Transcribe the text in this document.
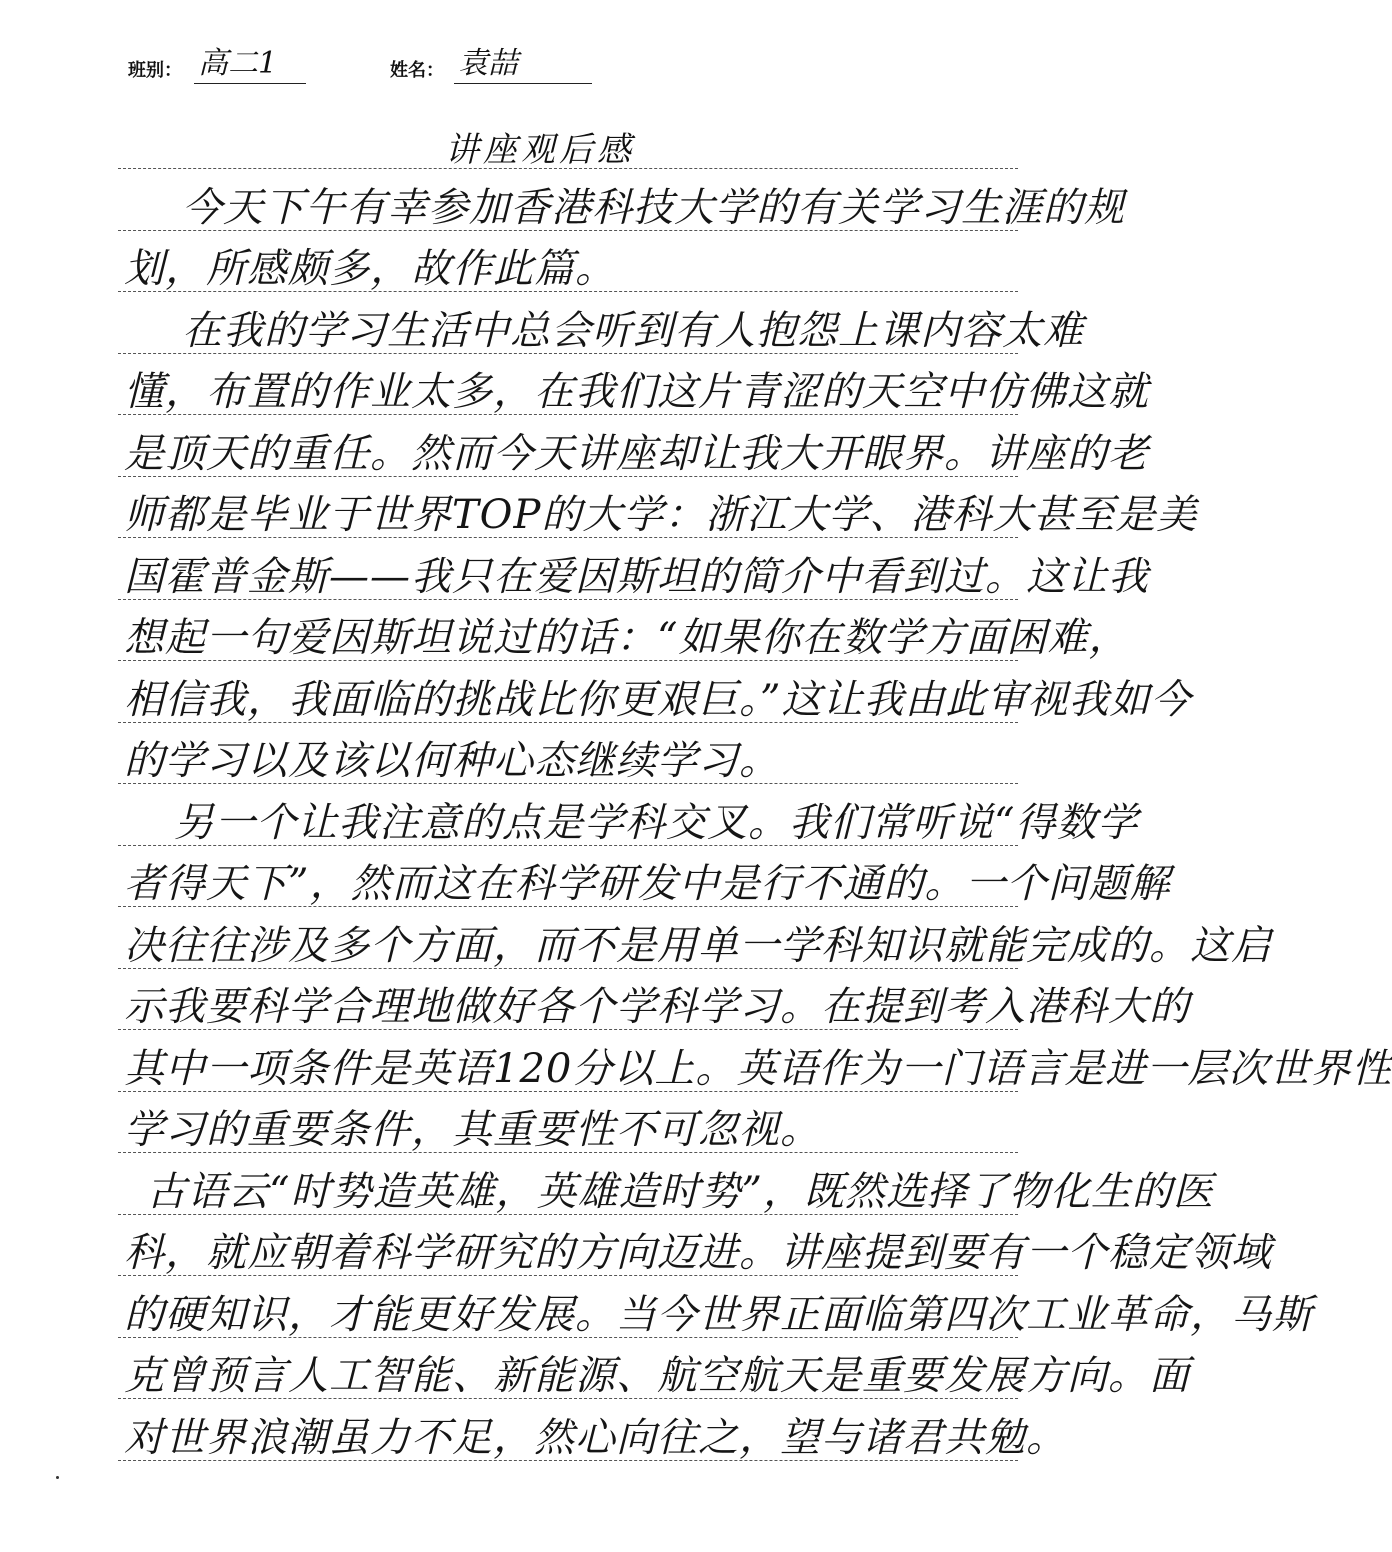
班别： 高二1	姓名： 袁喆
讲座观后感
今天下午有幸参加香港科技大学的有关学习生涯的规
划，所感颇多，故作此篇。
在我的学习生活中总会听到有人抱怨上课内容太难
懂，布置的作业太多，在我们这片青涩的天空中仿佛这就
是顶天的重任。然而今天讲座却让我大开眼界。讲座的老
师都是毕业于世界TOP的大学：浙江大学、港科大甚至是美
国霍普金斯——我只在爱因斯坦的简介中看到过。这让我
想起一句爱因斯坦说过的话：“如果你在数学方面困难，
相信我，我面临的挑战比你更艰巨。”这让我由此审视我如今
的学习以及该以何种心态继续学习。
另一个让我注意的点是学科交叉。我们常听说“得数学
者得天下”，然而这在科学研发中是行不通的。一个问题解
决往往涉及多个方面，而不是用单一学科知识就能完成的。这启
示我要科学合理地做好各个学科学习。在提到考入港科大的
其中一项条件是英语120分以上。英语作为一门语言是进一层次世界性
学习的重要条件，其重要性不可忽视。
古语云“时势造英雄，英雄造时势”，既然选择了物化生的医
科，就应朝着科学研究的方向迈进。讲座提到要有一个稳定领域
的硬知识，才能更好发展。当今世界正面临第四次工业革命，马斯
克曾预言人工智能、新能源、航空航天是重要发展方向。面
对世界浪潮虽力不足，然心向往之，望与诸君共勉。
